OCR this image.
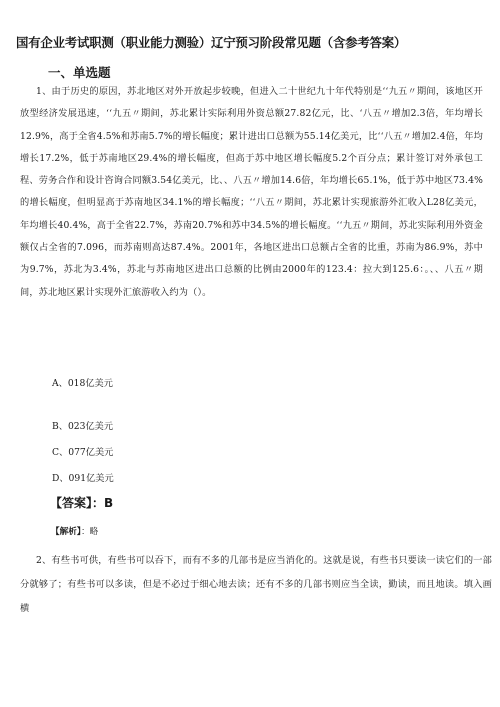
国有企业考试职测（职业能力测验）辽宁预习阶段常见题（含参考答案）
一、单选题

1、由于历史的原因，苏北地区对外开放起步较晚，但进入二十世纪九十年代特别是‘‘九五〃期间，该地区开放型经济发展迅速，‘‘九五〃期间，苏北累计实际利用外资总额27.82亿元，比、‘八五〃增加2.3倍，年均增长12.9%，高于全省4.5%和苏南5.7%的增长幅度；累计进出口总额为55.14亿美元，比‘‘八五〃增加2.4倍，年均增长17.2%，低于苏南地区29.4%的增长幅度，但高于苏中地区增长幅度5.2个百分点；累计签订对外承包工程、劳务合作和设计咨询合同额3.54亿美元，比、、八五〃增加14.6倍，年均增长65.1%，低于苏中地区73.4%的增长幅度，但明显高于苏南地区34.1%的增长幅度；‘‘八五〃期间，苏北累计实现旅游外汇收入L28亿美元，年均增长40.4%，高于全省22.7%，苏南20.7%和苏中34.5%的增长幅度。‘‘九五〃期间，苏北实际利用外资金额仅占全省的7.096，而苏南则高达87.4%。2001年，各地区进出口总额占全省的比重，苏南为86.9%，苏中为9.7%，苏北为3.4%，苏北与苏南地区进出口总额的比例由2000年的123.4：拉大到125.6：。、、八五〃期间，苏北地区累计实现外汇旅游收入约为（）。

A、018亿美元

B、023亿美元

C、077亿美元

D、091亿美元

【答案】：B

【解析】：略

2、有些书可供，有些书可以吞下，而有不多的几部书是应当消化的。这就是说，有些书只要读一读它们的一部分就够了；有些书可以多读，但是不必过于细心地去读；还有不多的几部书则应当全读，勤读，而且地读。填入画横
